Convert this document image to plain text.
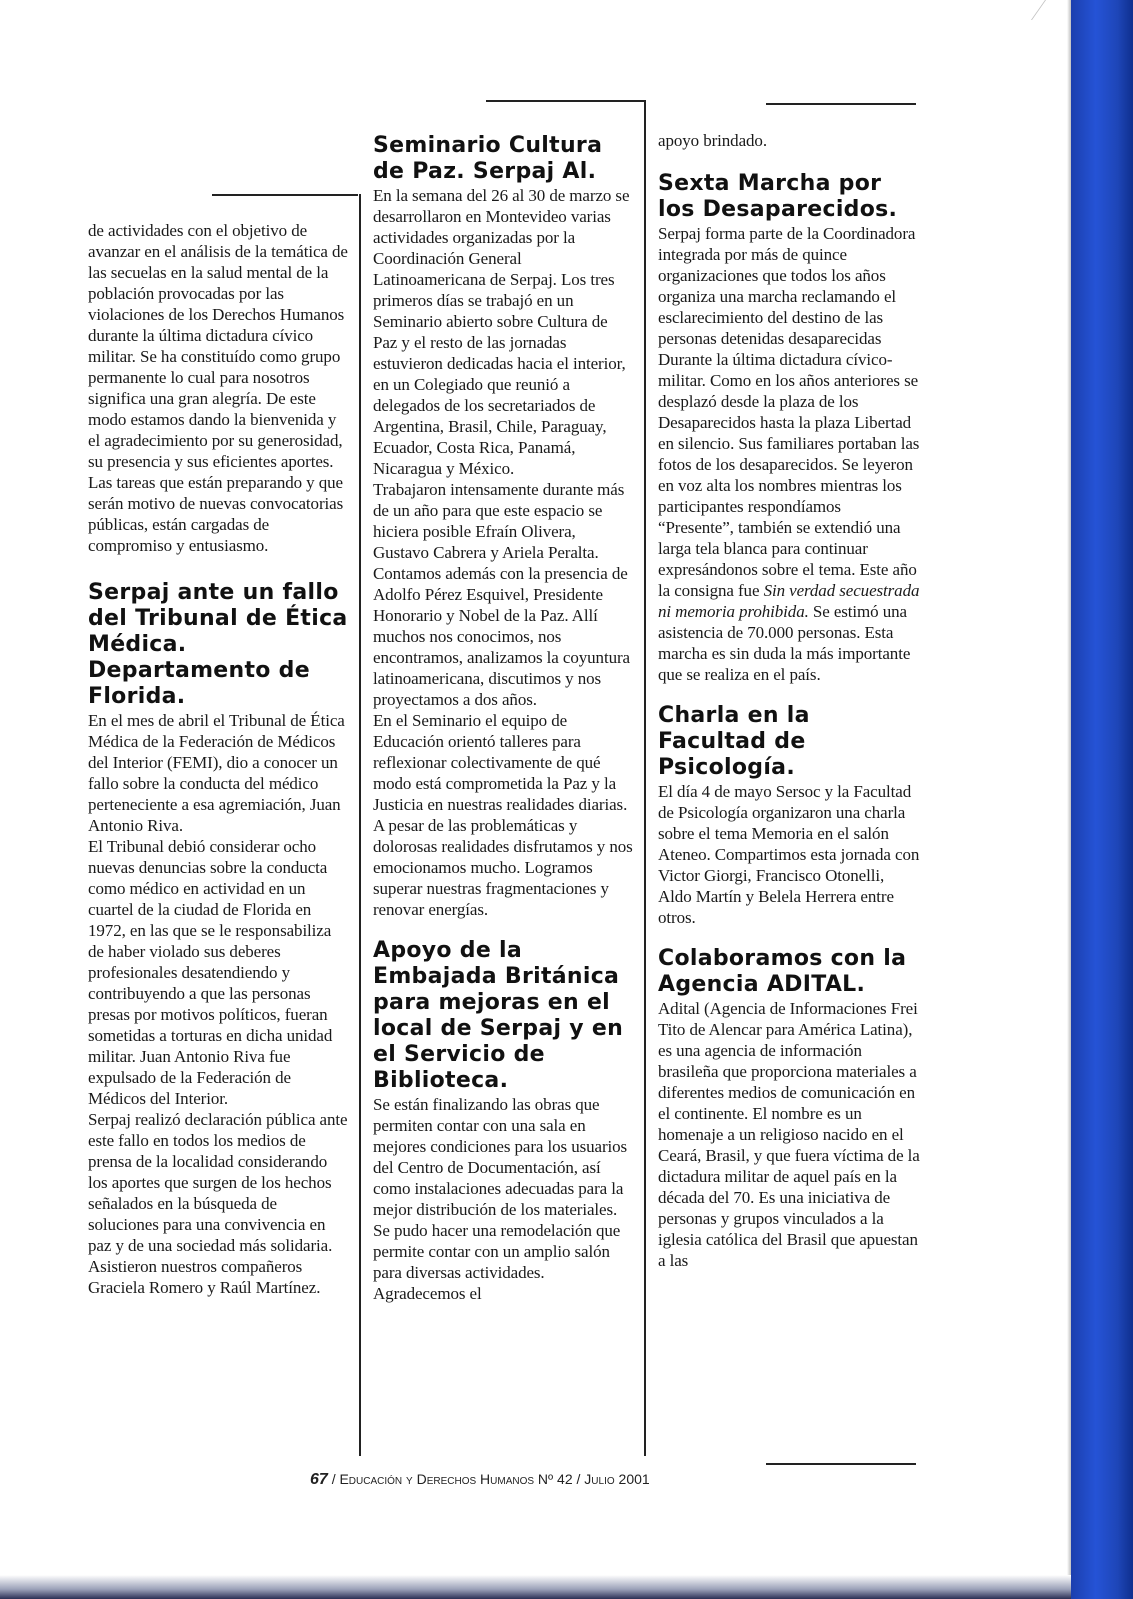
de actividades con el objetivo de avanzar en el análisis de la temática de las secuelas en la salud mental de la población provocadas por las violaciones de los Derechos Humanos durante la última dictadura cívico militar. Se ha constituído como grupo permanente lo cual para nosotros significa una gran alegría. De este modo estamos dando la bienvenida y el agradecimiento por su generosidad, su presencia y sus eficientes aportes. Las tareas que están preparando y que serán motivo de nuevas convocatorias públicas, están cargadas de compromiso y entusiasmo.

Serpaj ante un fallo del Tribunal de Ética Médica. Departamento de Florida.

En el mes de abril el Tribunal de Ética Médica de la Federación de Médicos del Interior (FEMI), dio a conocer un fallo sobre la conducta del médico perteneciente a esa agremiación, Juan Antonio Riva.

El Tribunal debió considerar ocho nuevas denuncias sobre la conducta como médico en actividad en un cuartel de la ciudad de Florida en 1972, en las que se le responsabiliza de haber violado sus deberes profesionales desatendiendo y contribuyendo a que las personas presas por motivos políticos, fueran sometidas a torturas en dicha unidad militar. Juan Antonio Riva fue expulsado de la Federación de Médicos del Interior.

Serpaj realizó declaración pública ante este fallo en todos los medios de prensa de la localidad considerando los aportes que surgen de los hechos señalados en la búsqueda de soluciones para una convivencia en paz y de una sociedad más solidaria.

Asistieron nuestros compañeros Graciela Romero y Raúl Martínez.

Seminario Cultura de Paz. Serpaj Al.

En la semana del 26 al 30 de marzo se desarrollaron en Montevideo varias actividades organizadas por la Coordinación General Latinoamericana de Serpaj. Los tres primeros días se trabajó en un Seminario abierto sobre Cultura de Paz y el resto de las jornadas estuvieron dedicadas hacia el interior, en un Colegiado que reunió a delegados de los secretariados de Argentina, Brasil, Chile, Paraguay, Ecuador, Costa Rica, Panamá, Nicaragua y México.

Trabajaron intensamente durante más de un año para que este espacio se hiciera posible Efraín Olivera, Gustavo Cabrera y Ariela Peralta.

Contamos además con la presencia de Adolfo Pérez Esquivel, Presidente Honorario y Nobel de la Paz. Allí muchos nos conocimos, nos encontramos, analizamos la coyuntura latinoamericana, discutimos y nos proyectamos a dos años.

En el Seminario el equipo de Educación orientó talleres para reflexionar colectivamente de qué modo está comprometida la Paz y la Justicia en nuestras realidades diarias. A pesar de las problemáticas y dolorosas realidades disfrutamos y nos emocionamos mucho. Logramos superar nuestras fragmentaciones y renovar energías.

Apoyo de la Embajada Británica para mejoras en el local de Serpaj y en el Servicio de Biblioteca.

Se están finalizando las obras que permiten contar con una sala en mejores condiciones para los usuarios del Centro de Documentación, así como instalaciones adecuadas para la mejor distribución de los materiales. Se pudo hacer una remodelación que permite contar con un amplio salón para diversas actividades. Agradecemos el

apoyo brindado.

Sexta Marcha por los Desaparecidos.

Serpaj forma parte de la Coordinadora integrada por más de quince organizaciones que todos los años organiza una marcha reclamando el esclarecimiento del destino de las personas detenidas desaparecidas Durante la última dictadura cívico-militar. Como en los años anteriores se desplazó desde la plaza de los Desaparecidos hasta la plaza Libertad en silencio. Sus familiares portaban las fotos de los desaparecidos. Se leyeron en voz alta los nombres mientras los participantes respondíamos “Presente”, también se extendió una larga tela blanca para continuar expresándonos sobre el tema. Este año la consigna fue Sin verdad secuestrada ni memoria prohibida. Se estimó una asistencia de 70.000 personas. Esta marcha es sin duda la más importante que se realiza en el país.

Charla en la Facultad de Psicología.

El día 4 de mayo Sersoc y la Facultad de Psicología organizaron una charla sobre el tema Memoria en el salón Ateneo. Compartimos esta jornada con Victor Giorgi, Francisco Otonelli, Aldo Martín y Belela Herrera entre otros.

Colaboramos con la Agencia ADITAL.

Adital (Agencia de Informaciones Frei Tito de Alencar para América Latina), es una agencia de información brasileña que proporciona materiales a diferentes medios de comunicación en el continente. El nombre es un homenaje a un religioso nacido en el Ceará, Brasil, y que fuera víctima de la dictadura militar de aquel país en la década del 70. Es una iniciativa de personas y grupos vinculados a la iglesia católica del Brasil que apuestan a las

67 / Educación y Derechos Humanos Nº 42 / Julio 2001
